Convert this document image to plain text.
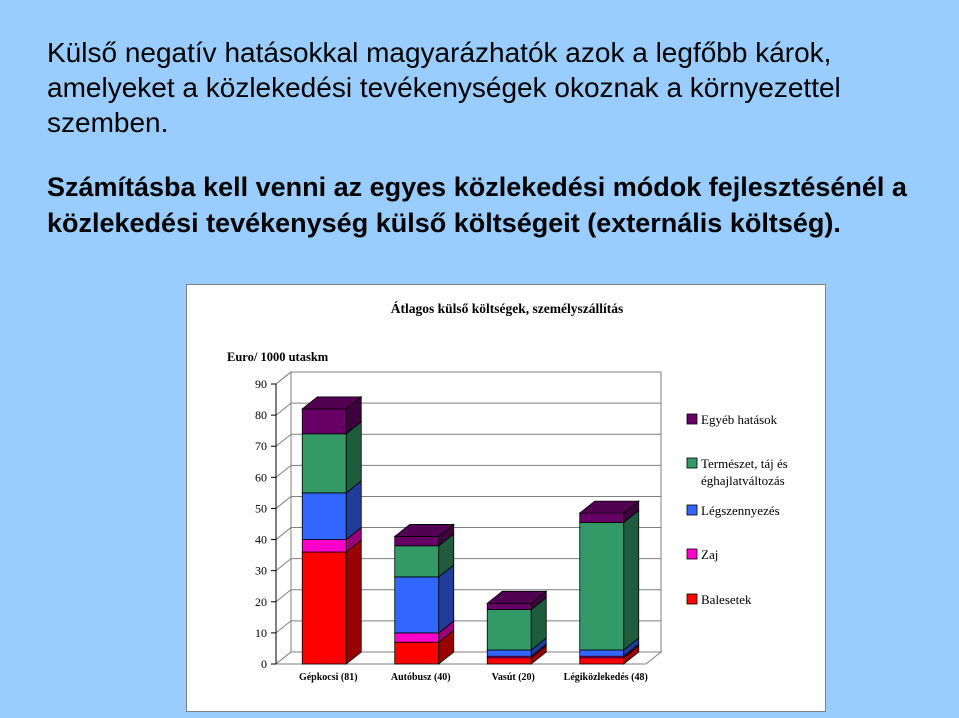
Külső negatív hatásokkal magyarázhatók azok a legfőbb károk, amelyeket a közlekedési tevékenységek okoznak a környezettel szemben.
Számításba kell venni az egyes közlekedési módok fejlesztésénél a közlekedési tevékenység külső költségeit (externális költség).
Átlagos külső költségek, személyszállítás
Euro/ 1000 utaskm
0
10
20
30
40
50
60
70
80
90
Gépkocsi (81)	Autóbusz (40)	Vasút (20)	Légiközlekedés (48)
Egyéb hatások
Természet, táj és
éghajlatváltozás
Légszennyezés
Zaj
Balesetek
